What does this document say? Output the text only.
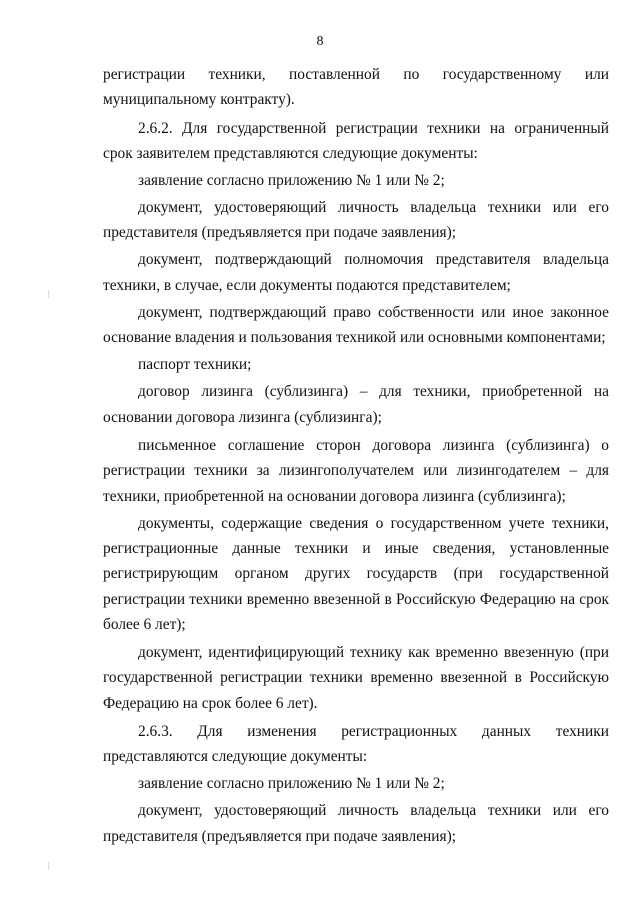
8

регистрации техники, поставленной по государственному или муниципальному контракту).

2.6.2. Для государственной регистрации техники на ограниченный срок заявителем представляются следующие документы:

заявление согласно приложению № 1 или № 2;

документ, удостоверяющий личность владельца техники или его представителя (предъявляется при подаче заявления);

документ, подтверждающий полномочия представителя владельца техники, в случае, если документы подаются представителем;

документ, подтверждающий право собственности или иное законное основание владения и пользования техникой или основными компонентами;

паспорт техники;

договор лизинга (сублизинга) – для техники, приобретенной на основании договора лизинга (сублизинга);

письменное соглашение сторон договора лизинга (сублизинга) о регистрации техники за лизингополучателем или лизингодателем – для техники, приобретенной на основании договора лизинга (сублизинга);

документы, содержащие сведения о государственном учете техники, регистрационные данные техники и иные сведения, установленные регистрирующим органом других государств (при государственной регистрации техники временно ввезенной в Российскую Федерацию на срок более 6 лет);

документ, идентифицирующий технику как временно ввезенную (при государственной регистрации техники временно ввезенной в Российскую Федерацию на срок более 6 лет).

2.6.3. Для изменения регистрационных данных техники представляются следующие документы:

заявление согласно приложению № 1 или № 2;

документ, удостоверяющий личность владельца техники или его представителя (предъявляется при подаче заявления);
